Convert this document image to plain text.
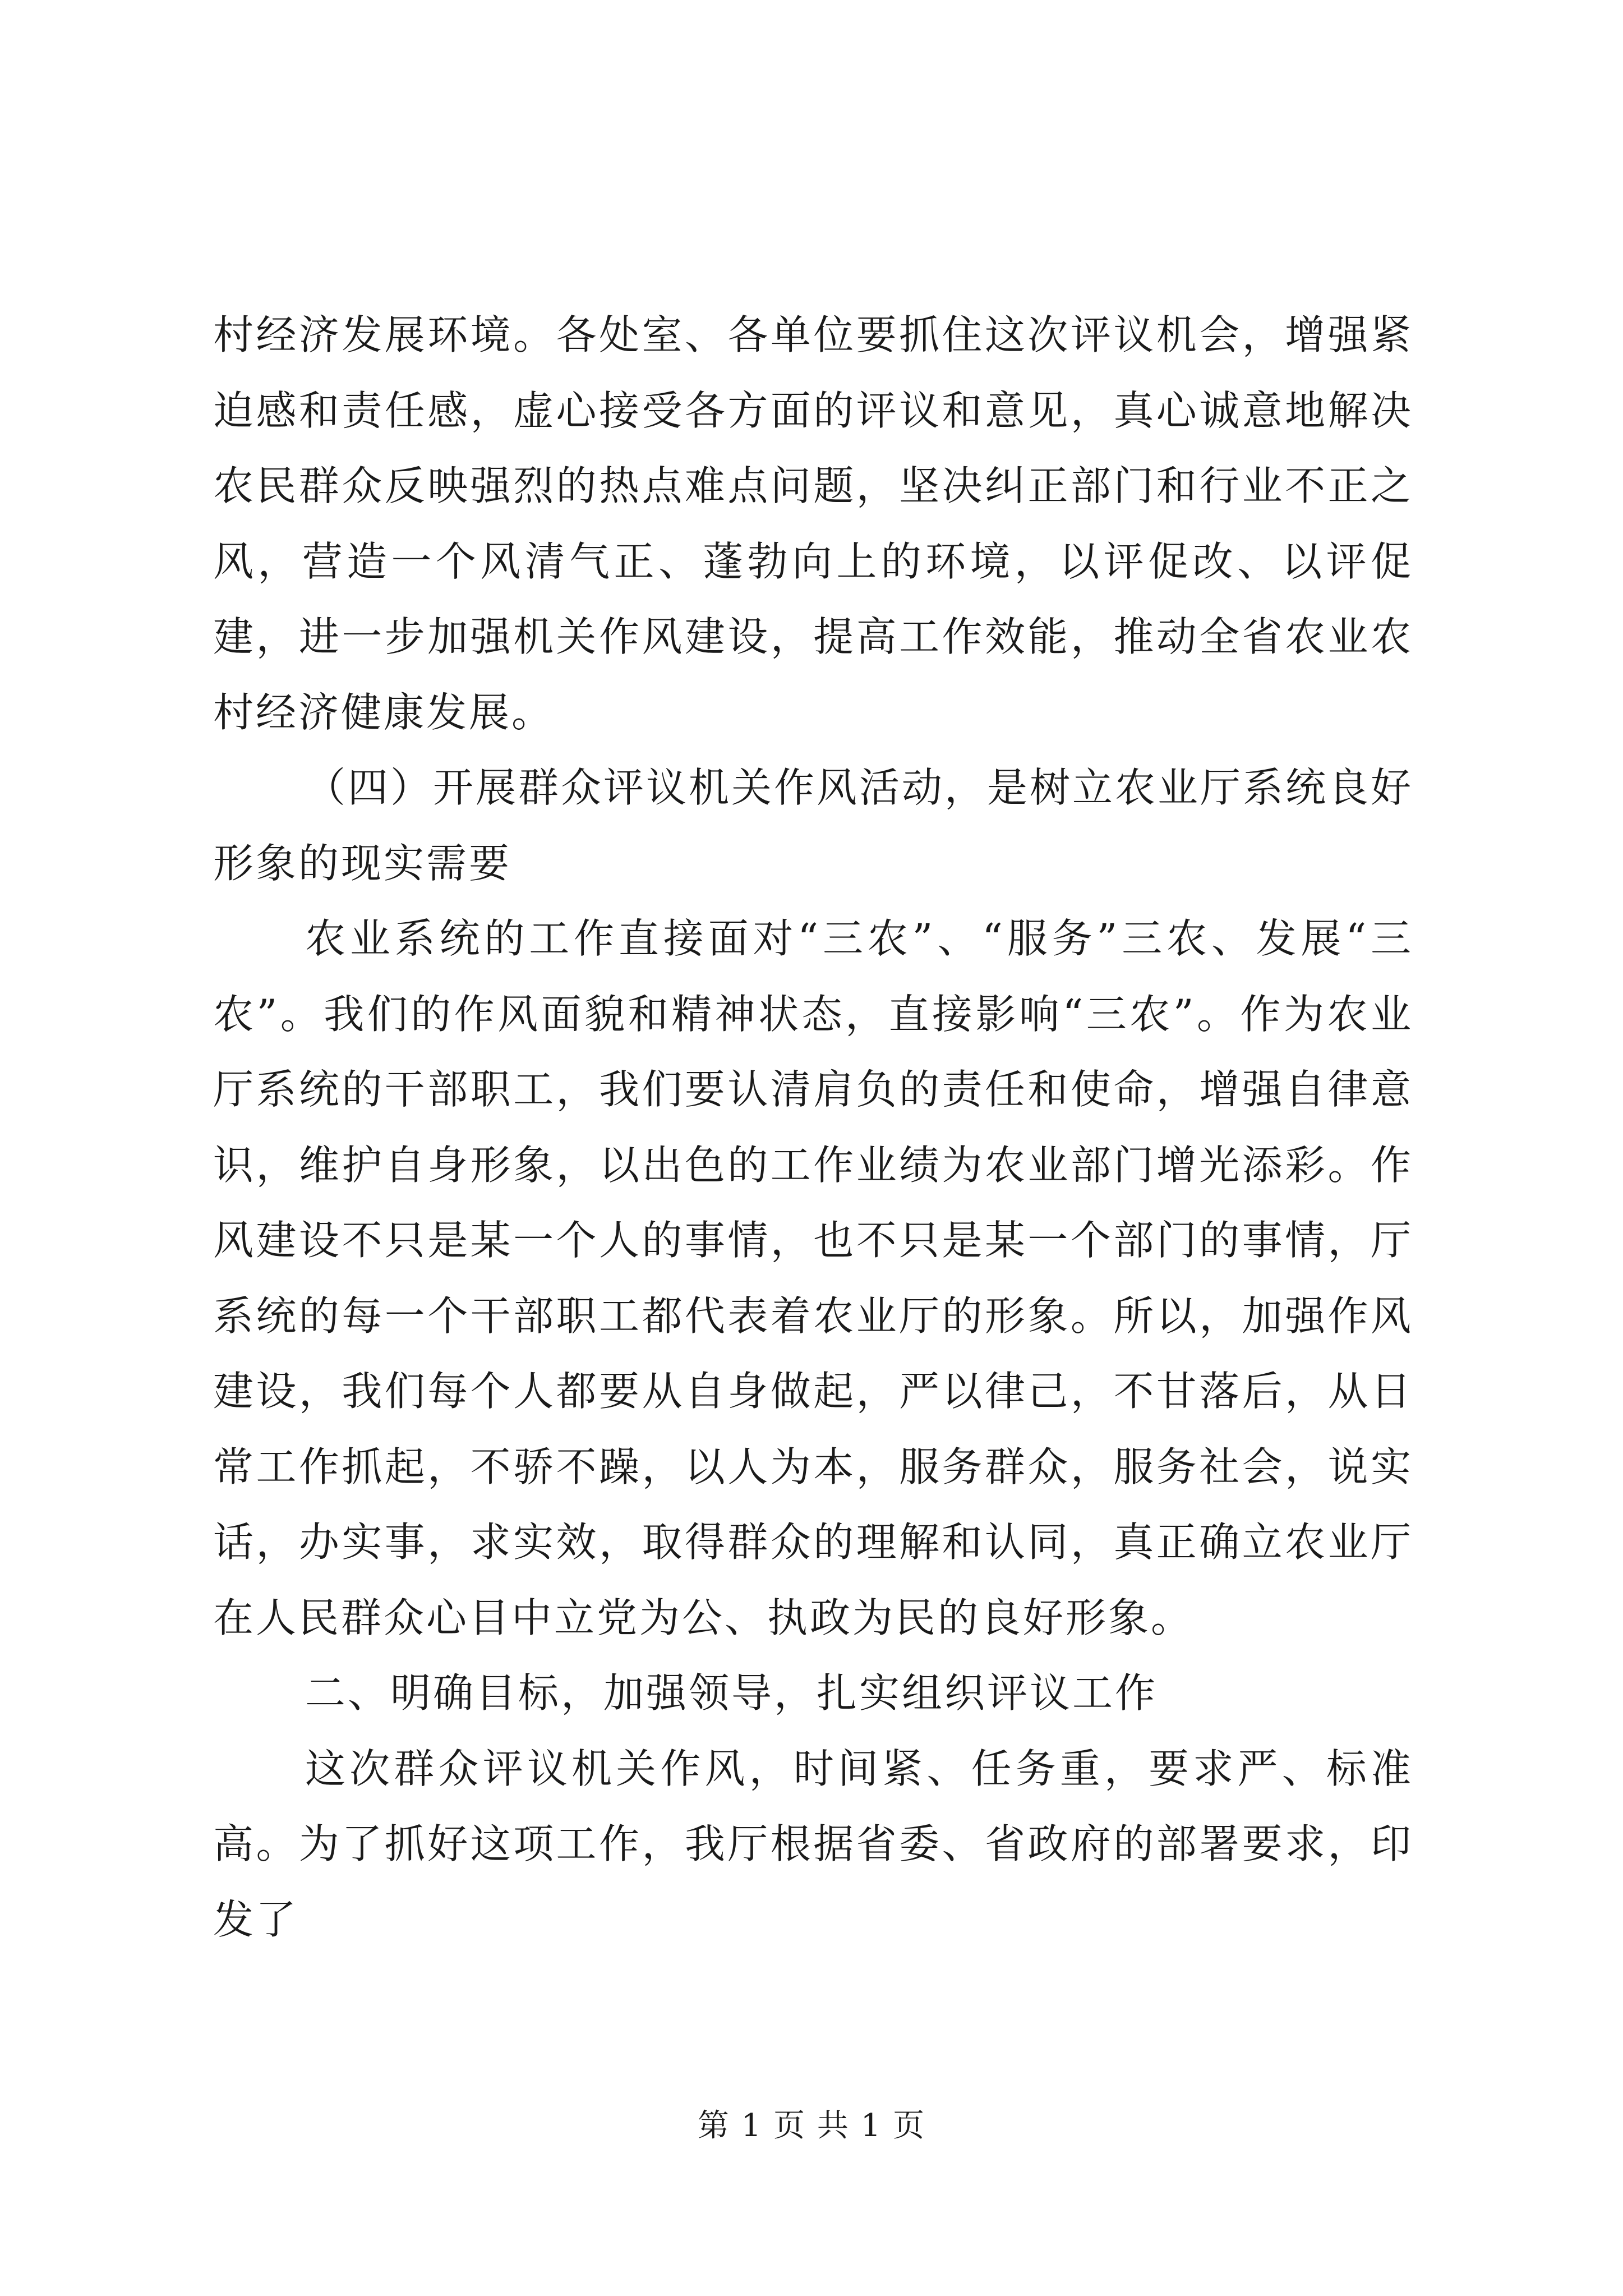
村经济发展环境。各处室、各单位要抓住这次评议机会，增强紧迫感和责任感，虚心接受各方面的评议和意见，真心诚意地解决农民群众反映强烈的热点难点问题，坚决纠正部门和行业不正之风，营造一个风清气正、蓬勃向上的环境，以评促改、以评促建，进一步加强机关作风建设，提高工作效能，推动全省农业农村经济健康发展。

（四）开展群众评议机关作风活动，是树立农业厅系统良好形象的现实需要

农业系统的工作直接面对“三农”、“服务”三农、发展“三农”。我们的作风面貌和精神状态，直接影响“三农”。作为农业厅系统的干部职工，我们要认清肩负的责任和使命，增强自律意识，维护自身形象，以出色的工作业绩为农业部门增光添彩。作风建设不只是某一个人的事情，也不只是某一个部门的事情，厅系统的每一个干部职工都代表着农业厅的形象。所以，加强作风建设，我们每个人都要从自身做起，严以律己，不甘落后，从日常工作抓起，不骄不躁，以人为本，服务群众，服务社会，说实话，办实事，求实效，取得群众的理解和认同，真正确立农业厅在人民群众心目中立党为公、执政为民的良好形象。

二、明确目标，加强领导，扎实组织评议工作

这次群众评议机关作风，时间紧、任务重，要求严、标准高。为了抓好这项工作，我厅根据省委、省政府的部署要求，印发了

第 1 页 共 1 页
